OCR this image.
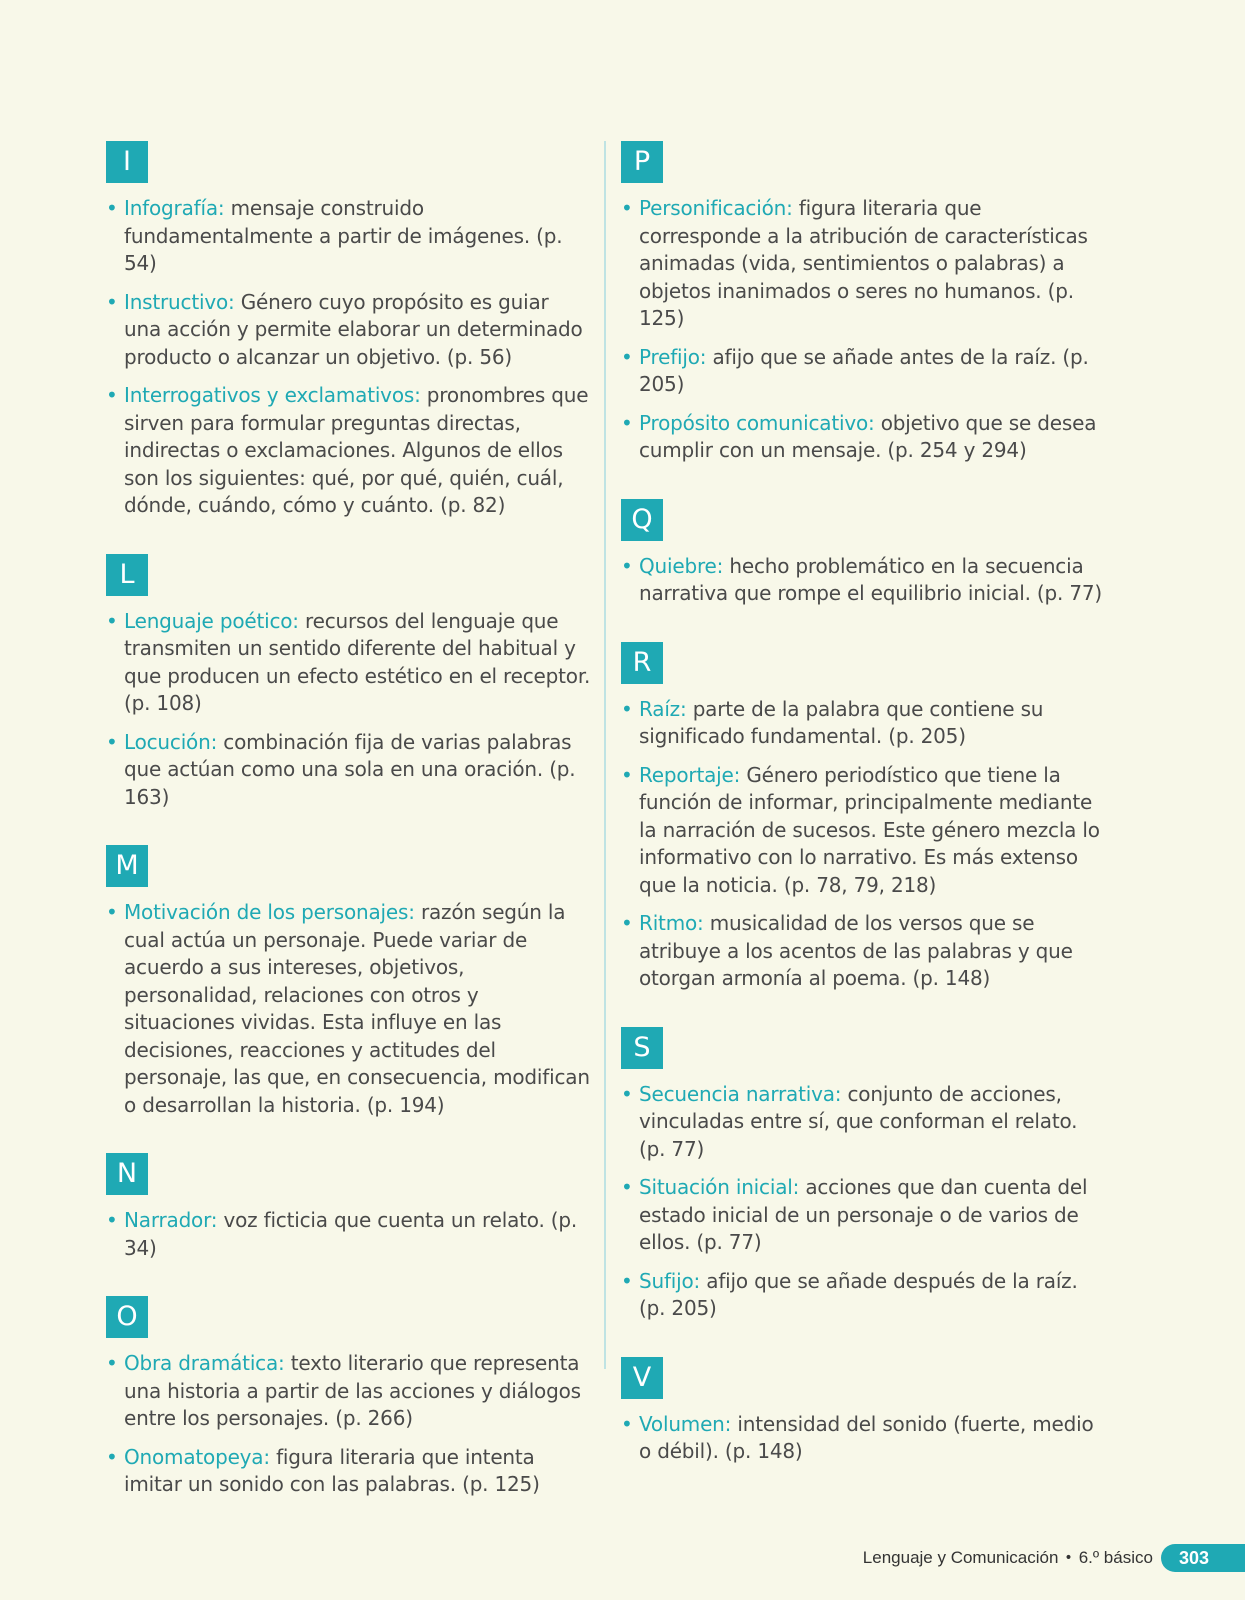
I
• Infografía: mensaje construido fundamentalmente a partir de imágenes. (p. 54)
• Instructivo: Género cuyo propósito es guiar una acción y permite elaborar un determinado producto o alcanzar un objetivo. (p. 56)
• Interrogativos y exclamativos: pronombres que sirven para formular preguntas directas, indirectas o exclamaciones. Algunos de ellos son los siguientes: qué, por qué, quién, cuál, dónde, cuándo, cómo y cuánto. (p. 82)
L
• Lenguaje poético: recursos del lenguaje que transmiten un sentido diferente del habitual y que producen un efecto estético en el receptor. (p. 108)
• Locución: combinación fija de varias palabras que actúan como una sola en una oración. (p. 163)
M
• Motivación de los personajes: razón según la cual actúa un personaje. Puede variar de acuerdo a sus intereses, objetivos, personalidad, relaciones con otros y situaciones vividas. Esta influye en las decisiones, reacciones y actitudes del personaje, las que, en consecuencia, modifican o desarrollan la historia. (p. 194)
N
• Narrador: voz ficticia que cuenta un relato. (p. 34)
O
• Obra dramática: texto literario que representa una historia a partir de las acciones y diálogos entre los personajes. (p. 266)
• Onomatopeya: figura literaria que intenta imitar un sonido con las palabras. (p. 125)
P
• Personificación: figura literaria que corresponde a la atribución de características animadas (vida, sentimientos o palabras) a objetos inanimados o seres no humanos. (p. 125)
• Prefijo: afijo que se añade antes de la raíz. (p. 205)
• Propósito comunicativo: objetivo que se desea cumplir con un mensaje. (p. 254 y 294)
Q
• Quiebre: hecho problemático en la secuencia narrativa que rompe el equilibrio inicial. (p. 77)
R
• Raíz: parte de la palabra que contiene su significado fundamental. (p. 205)
• Reportaje: Género periodístico que tiene la función de informar, principalmente mediante la narración de sucesos. Este género mezcla lo informativo con lo narrativo. Es más extenso que la noticia. (p. 78, 79, 218)
• Ritmo: musicalidad de los versos que se atribuye a los acentos de las palabras y que otorgan armonía al poema. (p. 148)
S
• Secuencia narrativa: conjunto de acciones, vinculadas entre sí, que conforman el relato. (p. 77)
• Situación inicial: acciones que dan cuenta del estado inicial de un personaje o de varios de ellos. (p. 77)
• Sufijo: afijo que se añade después de la raíz. (p. 205)
V
• Volumen: intensidad del sonido (fuerte, medio o débil). (p. 148)
Lenguaje y Comunicación • 6.º básico	303
